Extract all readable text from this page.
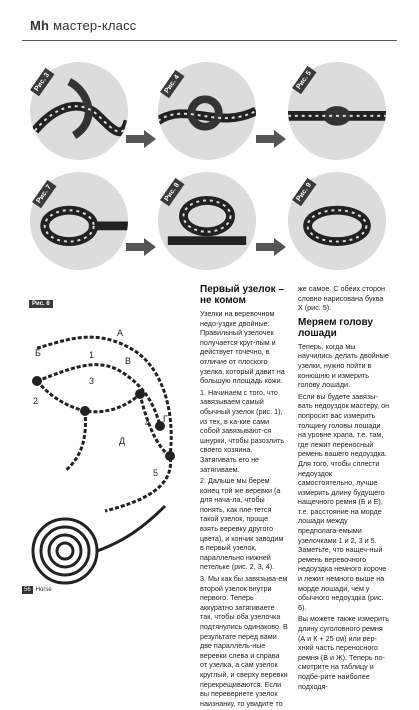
Mh мастер-класс
Рис. 3	Рис. 4	Рис. 5
Рис. 7	Рис. 8	Рис. 9
Рис. 6
А
Б	1
В
3
2
Г
4
Д
5
Первый узелок – не комом

Узелки на веревочном недо-уздке двойные. Правильный узелочек получается круг-лым и действует точечно, в отличие от плоского узелка, который давит на большую площадь кожи.

1. Начинаем с того, что завязываем самый обычный узелок (рис. 1), из тех, в ка-кие сами собой завязывают-ся шнурки, чтобы разозлить своего хозяина. Затягивать его не затягиваем.

2. Дальше мы берем конец той же веревки (а для нача-ла, чтобы понять, как пле-тется такой узелок, проще взять веревку другого цвета), и кончик заводим в первый узелок, параллельно нижней петельке (рис. 2, 3, 4).

3. Мы как бы завязыва-ем второй узелок внутри первого. Теперь аккуратно затягиваете так, чтобы оба узелочка подтянулись одинаково. В результате перед вами две параллель-ные веревки слева и справа от узелка, а сам узелок круглый, и сверху веревки перекрещиваются. Если вы перевернете узелок наизнанку, то увидите то

же самое. С обеих сторон словно нарисована буква Х (рис. 5).

Меряем голову лошади

Теперь, когда мы научились делать двойные узелки, нужно пойти в конюшню и измерить голову лошади.

Если вы будете завязы-вать недоуздок мастеру, он попросит вас измерить толщину головы лошади на уровне храпа, т.е. там, где лежит переносный ремень вашего недоуздка. Для того, чтобы сплести недоуздок самостоятельно, лучше измерить длину будущего нащечного ремня (Б и Е), т.е. расстояние на морде лошади между предполага-емыми узелочками 1 и 2, 3 и 5. Заметьте, что нащеч-ный ремень веревочного недоуздка немного короче и лежит немного выше на морде лошади, чем у обычного недоуздка (рис. 6).

Вы можете также измерить длину суголовного ремня (А и К + 25 см) или вер-хний часть переносного ремня (В и Ж). Теперь по-смотрите на таблицу и подбе-рите наиболее подходя-

56 Horse
